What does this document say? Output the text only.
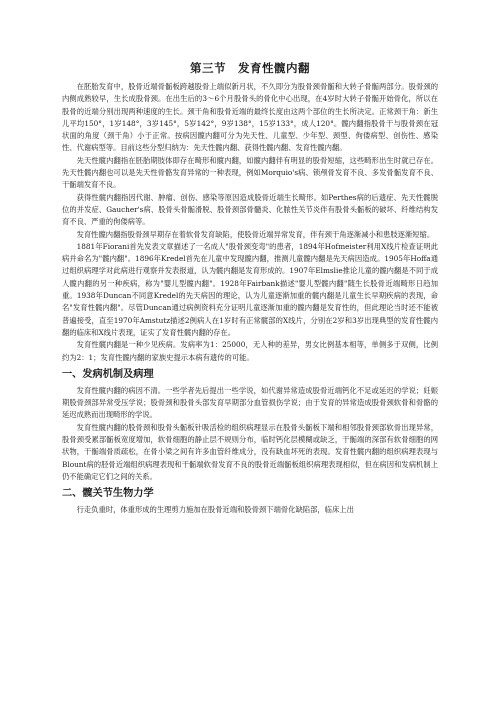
第三节　发育性髋内翻

在胚胎发育中，股骨近端骨骺板跨越股骨上端似新月状，不久即分为股骨颈骨骺和大转子骨骺两部分。股骨颈的内侧成熟较早，生长成股骨颈。在出生后的3～6个月股骨头的骨化中心出现，在4岁时大转子骨骺开始骨化，所以在股骨的近端分别出现两种速度的生长。颈干角和股骨近端的最终长度由这两个部位的生长所决定。正常颈干角：新生儿平均150°，1岁148°，3岁145°，5岁142°，9岁138°，15岁133°，成人120°。髋内翻指股骨干与股骨颈在冠状面的角度（颈干角）小于正常。按病因髋内翻可分为先天性、儿童型、少年型、颈型、佝偻病型、创伤性、感染性、代谢病型等。目前这些分型归纳为：先天性髋内翻、获得性髋内翻、发育性髋内翻。

先天性髋内翻指在胚胎期肢体即存在畸形和髋内翻，如髋内翻伴有明显的股骨短缩，这些畸形出生时就已存在。先天性髋内翻也可以是先天性骨骼发育异常的一种表现，例如Morquio's病、锁颅骨发育不良、多发骨骺发育不良、干骺端发育不良。

获得性髋内翻指因代谢、肿瘤、创伤、感染等原因造成股骨近端生长畸形。如Perthes病的后遗症、先天性髋脱位的并发症、Gaucher's病、股骨头骨骺滑脱、股骨颈部骨髓炎、化脓性关节炎伴有股骨头骺板的破坏、纤维结构发育不良、严重的佝偻病等。

发育性髋内翻指股骨颈早期存在着软骨发育缺陷，使股骨近端异常发育，伴有颈干角逐渐减小和患肢逐渐短缩。

1881年Fiorani首先发表文章描述了一名成人"股骨颈变弯"的患者，1894年Hofmeister利用X线片检查证明此病并命名为"髋内翻"。1896年Kredel首先在儿童中发现髋内翻，推测儿童髋内翻是先天病因造成。1905年Hoffa通过组织病理学对此病进行观察并发表报道，认为髋内翻是发育形成的。1907年Elmslie推论儿童的髋内翻是不同于成人髋内翻的另一种疾病，称为"婴儿型髋内翻"。1928年Fairbank描述"婴儿型髋内翻"随生长股骨近端畸形日趋加重。1938年Duncan不同意Kredel的先天病因的理论，认为儿童逐渐加重的髋内翻是儿童生长早期疾病的表现，命名"发育性髋内翻"。尽管Duncan通过病例资料充分证明儿童逐渐加重的髋内翻是发育性的，但此理论当时还不能被普遍接受，直至1970年Amstutz描述2例病人在1岁时有正常髋部的X线片，分别在2岁和3岁出现典型的发育性髋内翻的临床和X线片表现，证实了发育性髋内翻的存在。

发育性髋内翻是一种少见疾病。发病率为1：25000，无人种的差异，男女比例基本相等，单侧多于双侧，比例约为2：1；发育性髋内翻的家族史提示本病有遗传的可能。

一、发病机制及病理

发育性髋内翻的病因不清。一些学者先后提出一些学说，如代谢异常造成股骨近端钙化不足或延迟的学说；妊娠期股骨颈部异常受压学说；股骨颈和股骨头部发育早期部分血管损伤学说；由于发育的异常造成股骨颈软骨和骨骼的延迟成熟而出现畸形的学说。

发育性髋内翻的股骨颈和股骨头骺板针吸活检的组织病理显示在股骨头骺板下端和相邻股骨颈部软骨出现异常，股骨颈受累部骺板宽度增加，软骨细胞的静止层不规则分布，临时钙化层模糊或缺乏，干骺端的深部有软骨细胞的网状物，干骺端骨质疏松，在骨小梁之间有许多血管纤维成分，没有缺血坏死的表现。发育性髋内翻的组织病理表现与Blount病的胫骨近端组织病理表现和干骺端软骨发育不良的股骨近端骺板组织病理表现相似，但在病因和发病机制上仍不能确定它们之间的关系。

二、髋关节生物力学

行走负重时，体重形成的生理剪力施加在股骨近端和股骨颈下端骨化缺陷部，临床上出
